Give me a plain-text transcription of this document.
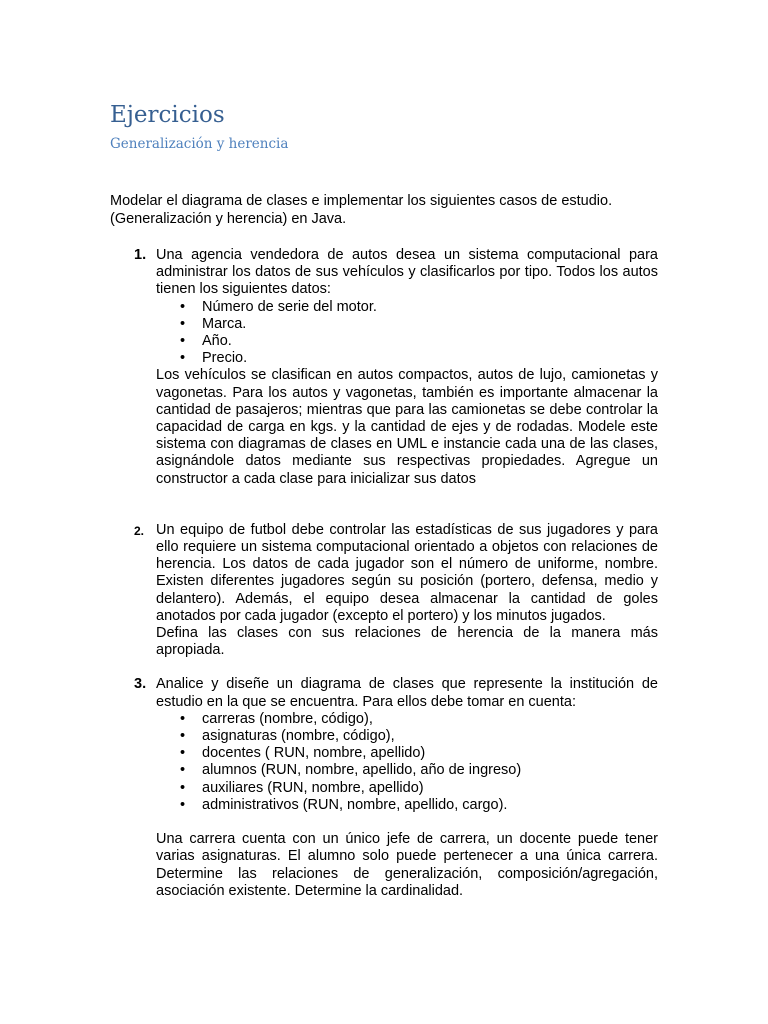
Ejercicios
Generalización y herencia

Modelar el diagrama de clases e implementar los siguientes casos de estudio.

(Generalización y herencia) en Java.

1. Una agencia vendedora de autos desea un sistema computacional para administrar los datos de sus vehículos y clasificarlos por tipo. Todos los autos tienen los siguientes datos:

• Número de serie del motor.
• Marca.
• Año.
• Precio.

Los vehículos se clasifican en autos compactos, autos de lujo, camionetas y vagonetas. Para los autos y vagonetas, también es importante almacenar la cantidad de pasajeros; mientras que para las camionetas se debe controlar la capacidad de carga en kgs. y la cantidad de ejes y de rodadas. Modele este sistema con diagramas de clases en UML e instancie cada una de las clases, asignándole datos mediante sus respectivas propiedades. Agregue un constructor a cada clase para inicializar sus datos

2. Un equipo de futbol debe controlar las estadísticas de sus jugadores y para ello requiere un sistema computacional orientado a objetos con relaciones de herencia. Los datos de cada jugador son el número de uniforme, nombre. Existen diferentes jugadores según su posición (portero, defensa, medio y delantero). Además, el equipo desea almacenar la cantidad de goles anotados por cada jugador (excepto el portero) y los minutos jugados.

Defina las clases con sus relaciones de herencia de la manera más apropiada.

3. Analice y diseñe un diagrama de clases que represente la institución de estudio en la que se encuentra. Para ellos debe tomar en cuenta:

• carreras (nombre, código),
• asignaturas (nombre, código),
• docentes ( RUN, nombre, apellido)
• alumnos (RUN, nombre, apellido, año de ingreso)
• auxiliares (RUN, nombre, apellido)
• administrativos (RUN, nombre, apellido, cargo).

Una carrera cuenta con un único jefe de carrera, un docente puede tener varias asignaturas. El alumno solo puede pertenecer a una única carrera. Determine las relaciones de generalización, composición/agregación, asociación existente. Determine la cardinalidad.
